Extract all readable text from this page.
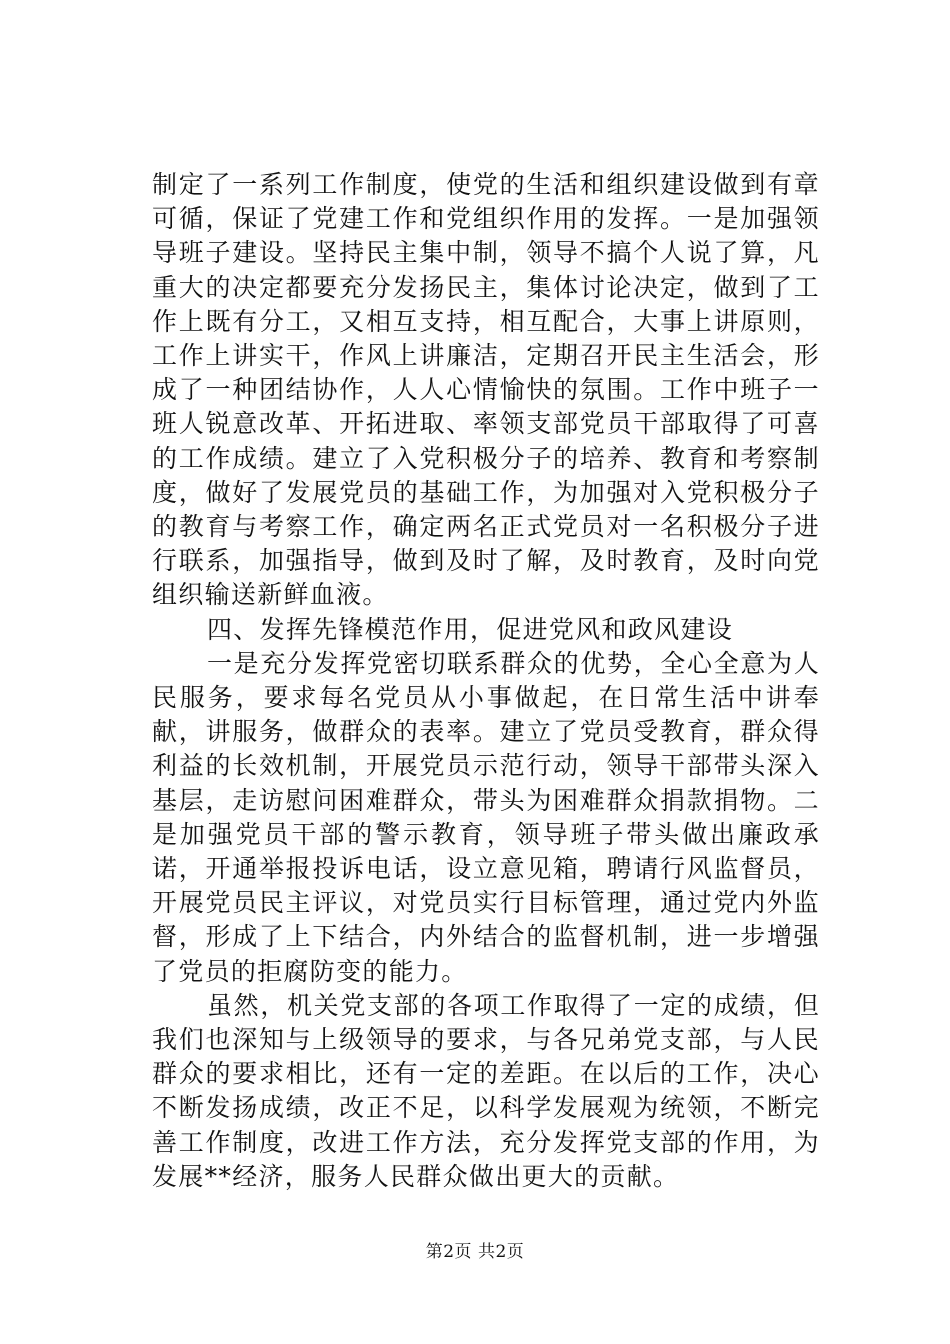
制定了一系列工作制度，使党的生活和组织建设做到有章可循，保证了党建工作和党组织作用的发挥。一是加强领导班子建设。坚持民主集中制，领导不搞个人说了算，凡重大的决定都要充分发扬民主，集体讨论决定，做到了工作上既有分工，又相互支持，相互配合，大事上讲原则，工作上讲实干，作风上讲廉洁，定期召开民主生活会，形成了一种团结协作，人人心情愉快的氛围。工作中班子一班人锐意改革、开拓进取、率领支部党员干部取得了可喜的工作成绩。建立了入党积极分子的培养、教育和考察制度，做好了发展党员的基础工作，为加强对入党积极分子的教育与考察工作，确定两名正式党员对一名积极分子进行联系，加强指导，做到及时了解，及时教育，及时向党组织输送新鲜血液。

四、发挥先锋模范作用，促进党风和政风建设

一是充分发挥党密切联系群众的优势，全心全意为人民服务，要求每名党员从小事做起，在日常生活中讲奉献，讲服务，做群众的表率。建立了党员受教育，群众得利益的长效机制，开展党员示范行动，领导干部带头深入基层，走访慰问困难群众，带头为困难群众捐款捐物。二是加强党员干部的警示教育，领导班子带头做出廉政承诺，开通举报投诉电话，设立意见箱，聘请行风监督员，开展党员民主评议，对党员实行目标管理，通过党内外监督，形成了上下结合，内外结合的监督机制，进一步增强了党员的拒腐防变的能力。

虽然，机关党支部的各项工作取得了一定的成绩，但我们也深知与上级领导的要求，与各兄弟党支部，与人民群众的要求相比，还有一定的差距。在以后的工作，决心不断发扬成绩，改正不足，以科学发展观为统领，不断完善工作制度，改进工作方法，充分发挥党支部的作用，为发展**经济，服务人民群众做出更大的贡献。

第2页 共2页
